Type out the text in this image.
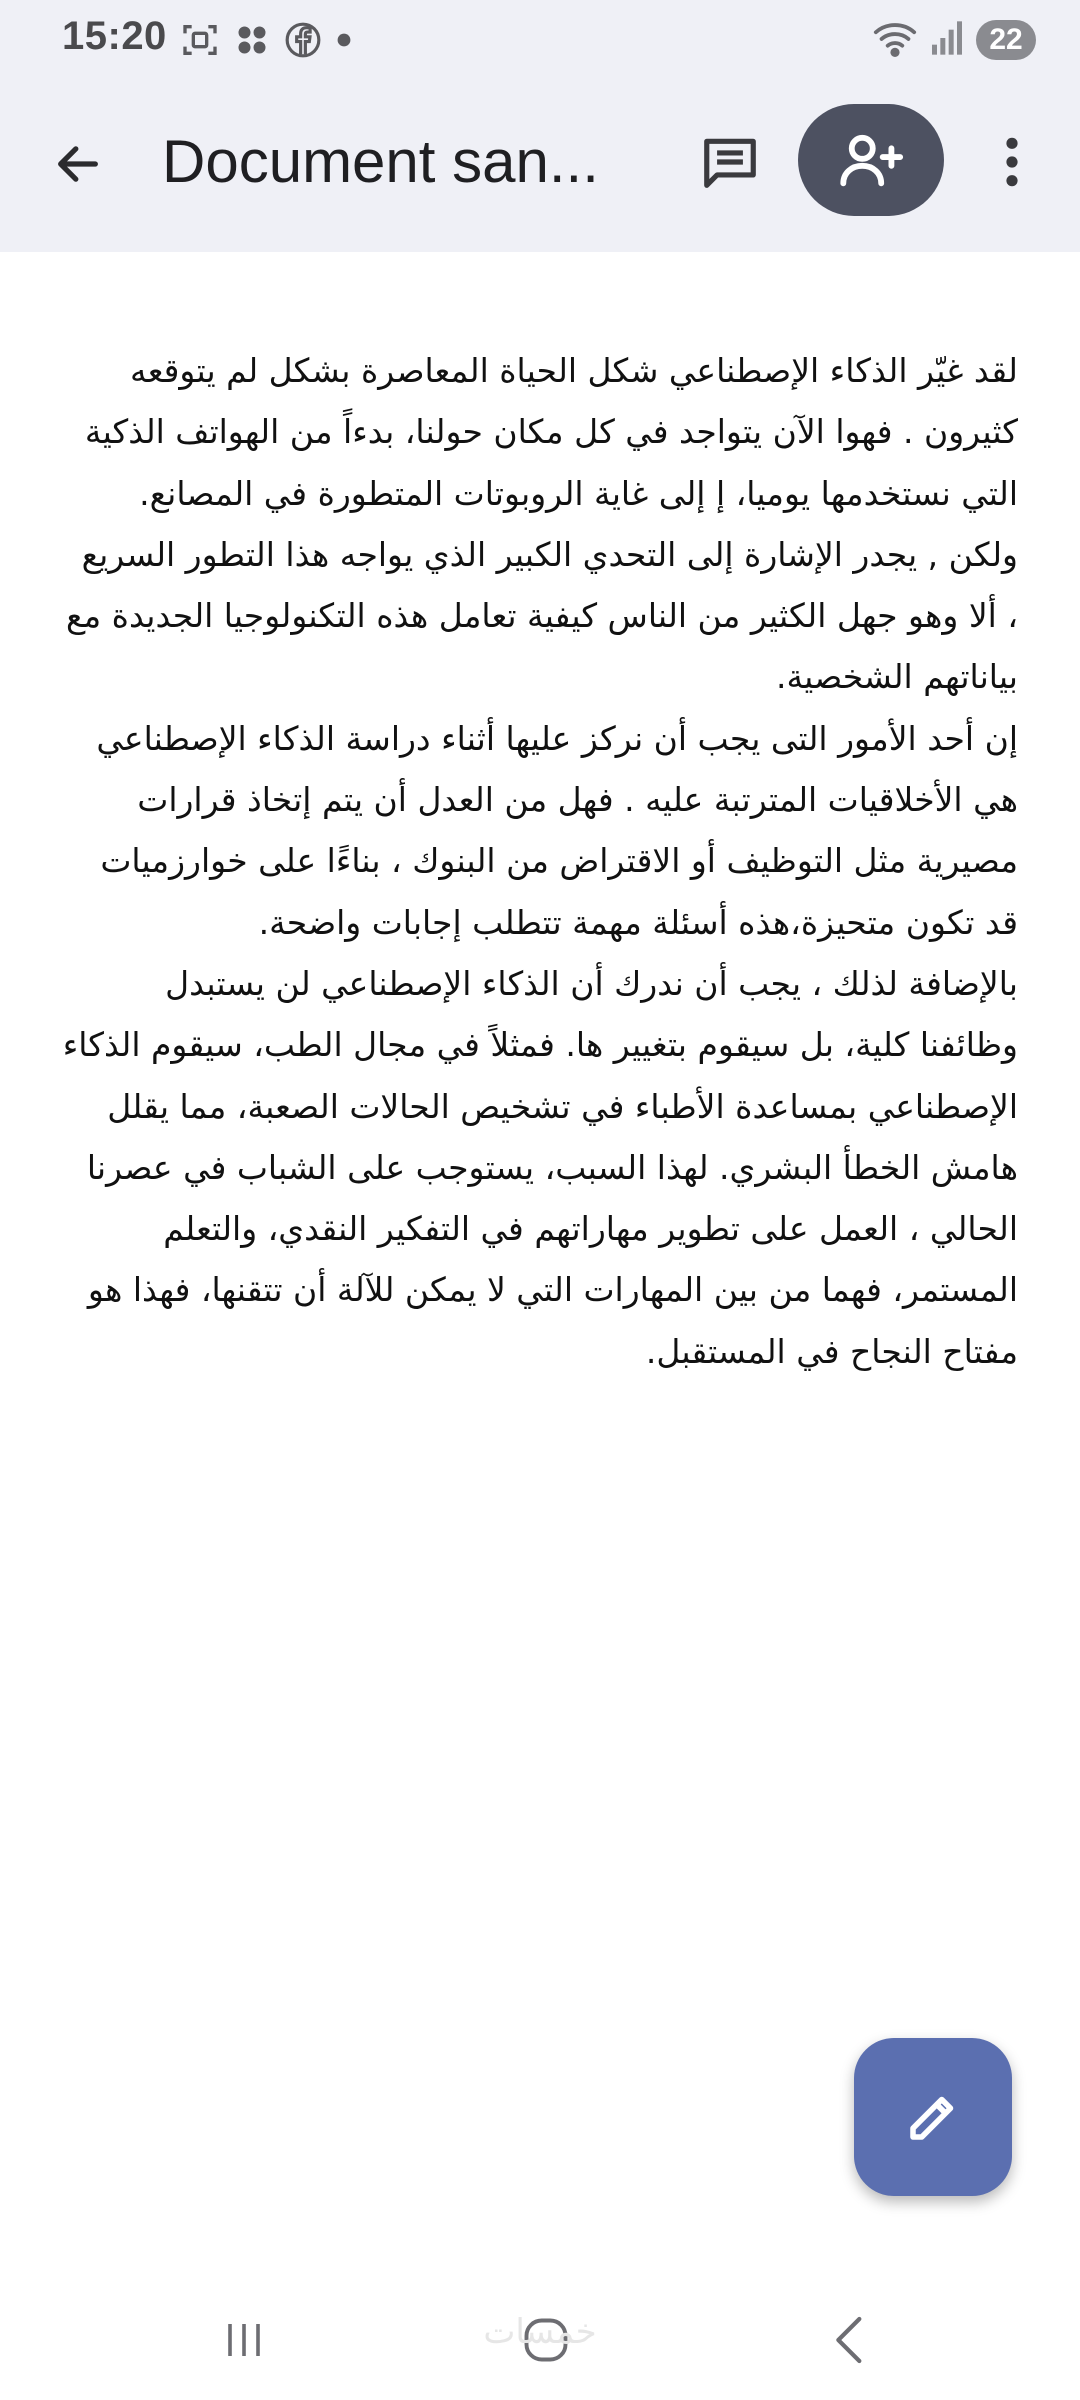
15:20	22
Document san...

لقد غيّر الذكاء الإصطناعي شكل الحياة المعاصرة بشكل لم يتوقعه كثيرون . فهوا الآن يتواجد في كل مكان حولنا، بدءاً من الهواتف الذكية التي نستخدمها يوميا، إ إلى غاية الروبوتات المتطورة في المصانع. ولكن , يجدر الإشارة إلى التحدي الكبير الذي يواجه هذا التطور السريع ، ألا وهو جهل الكثير من الناس كيفية تعامل هذه التكنولوجيا الجديدة مع بياناتهم الشخصية.

إن أحد الأمور التى يجب أن نركز عليها أثناء دراسة الذكاء الإصطناعي هي الأخلاقيات المترتبة عليه . فهل من العدل أن يتم إتخاذ قرارات مصيرية مثل التوظيف أو الاقتراض من البنوك ، بناءًا على خوارزميات قد تكون متحيزة،هذه أسئلة مهمة تتطلب إجابات واضحة.

بالإضافة لذلك ، يجب أن ندرك أن الذكاء الإصطناعي لن يستبدل وظائفنا كلية، بل سيقوم بتغيير ها. فمثلاً في مجال الطب، سيقوم الذكاء الإصطناعي بمساعدة الأطباء في تشخيص الحالات الصعبة، مما يقلل هامش الخطأ البشري. لهذا السبب، يستوجب على الشباب في عصرنا الحالي ، العمل على تطوير مهاراتهم في التفكير النقدي، والتعلم المستمر، فهما من بين المهارات التي لا يمكن للآلة أن تتقنها، فهذا هو مفتاح النجاح في المستقبل.

خمسات
